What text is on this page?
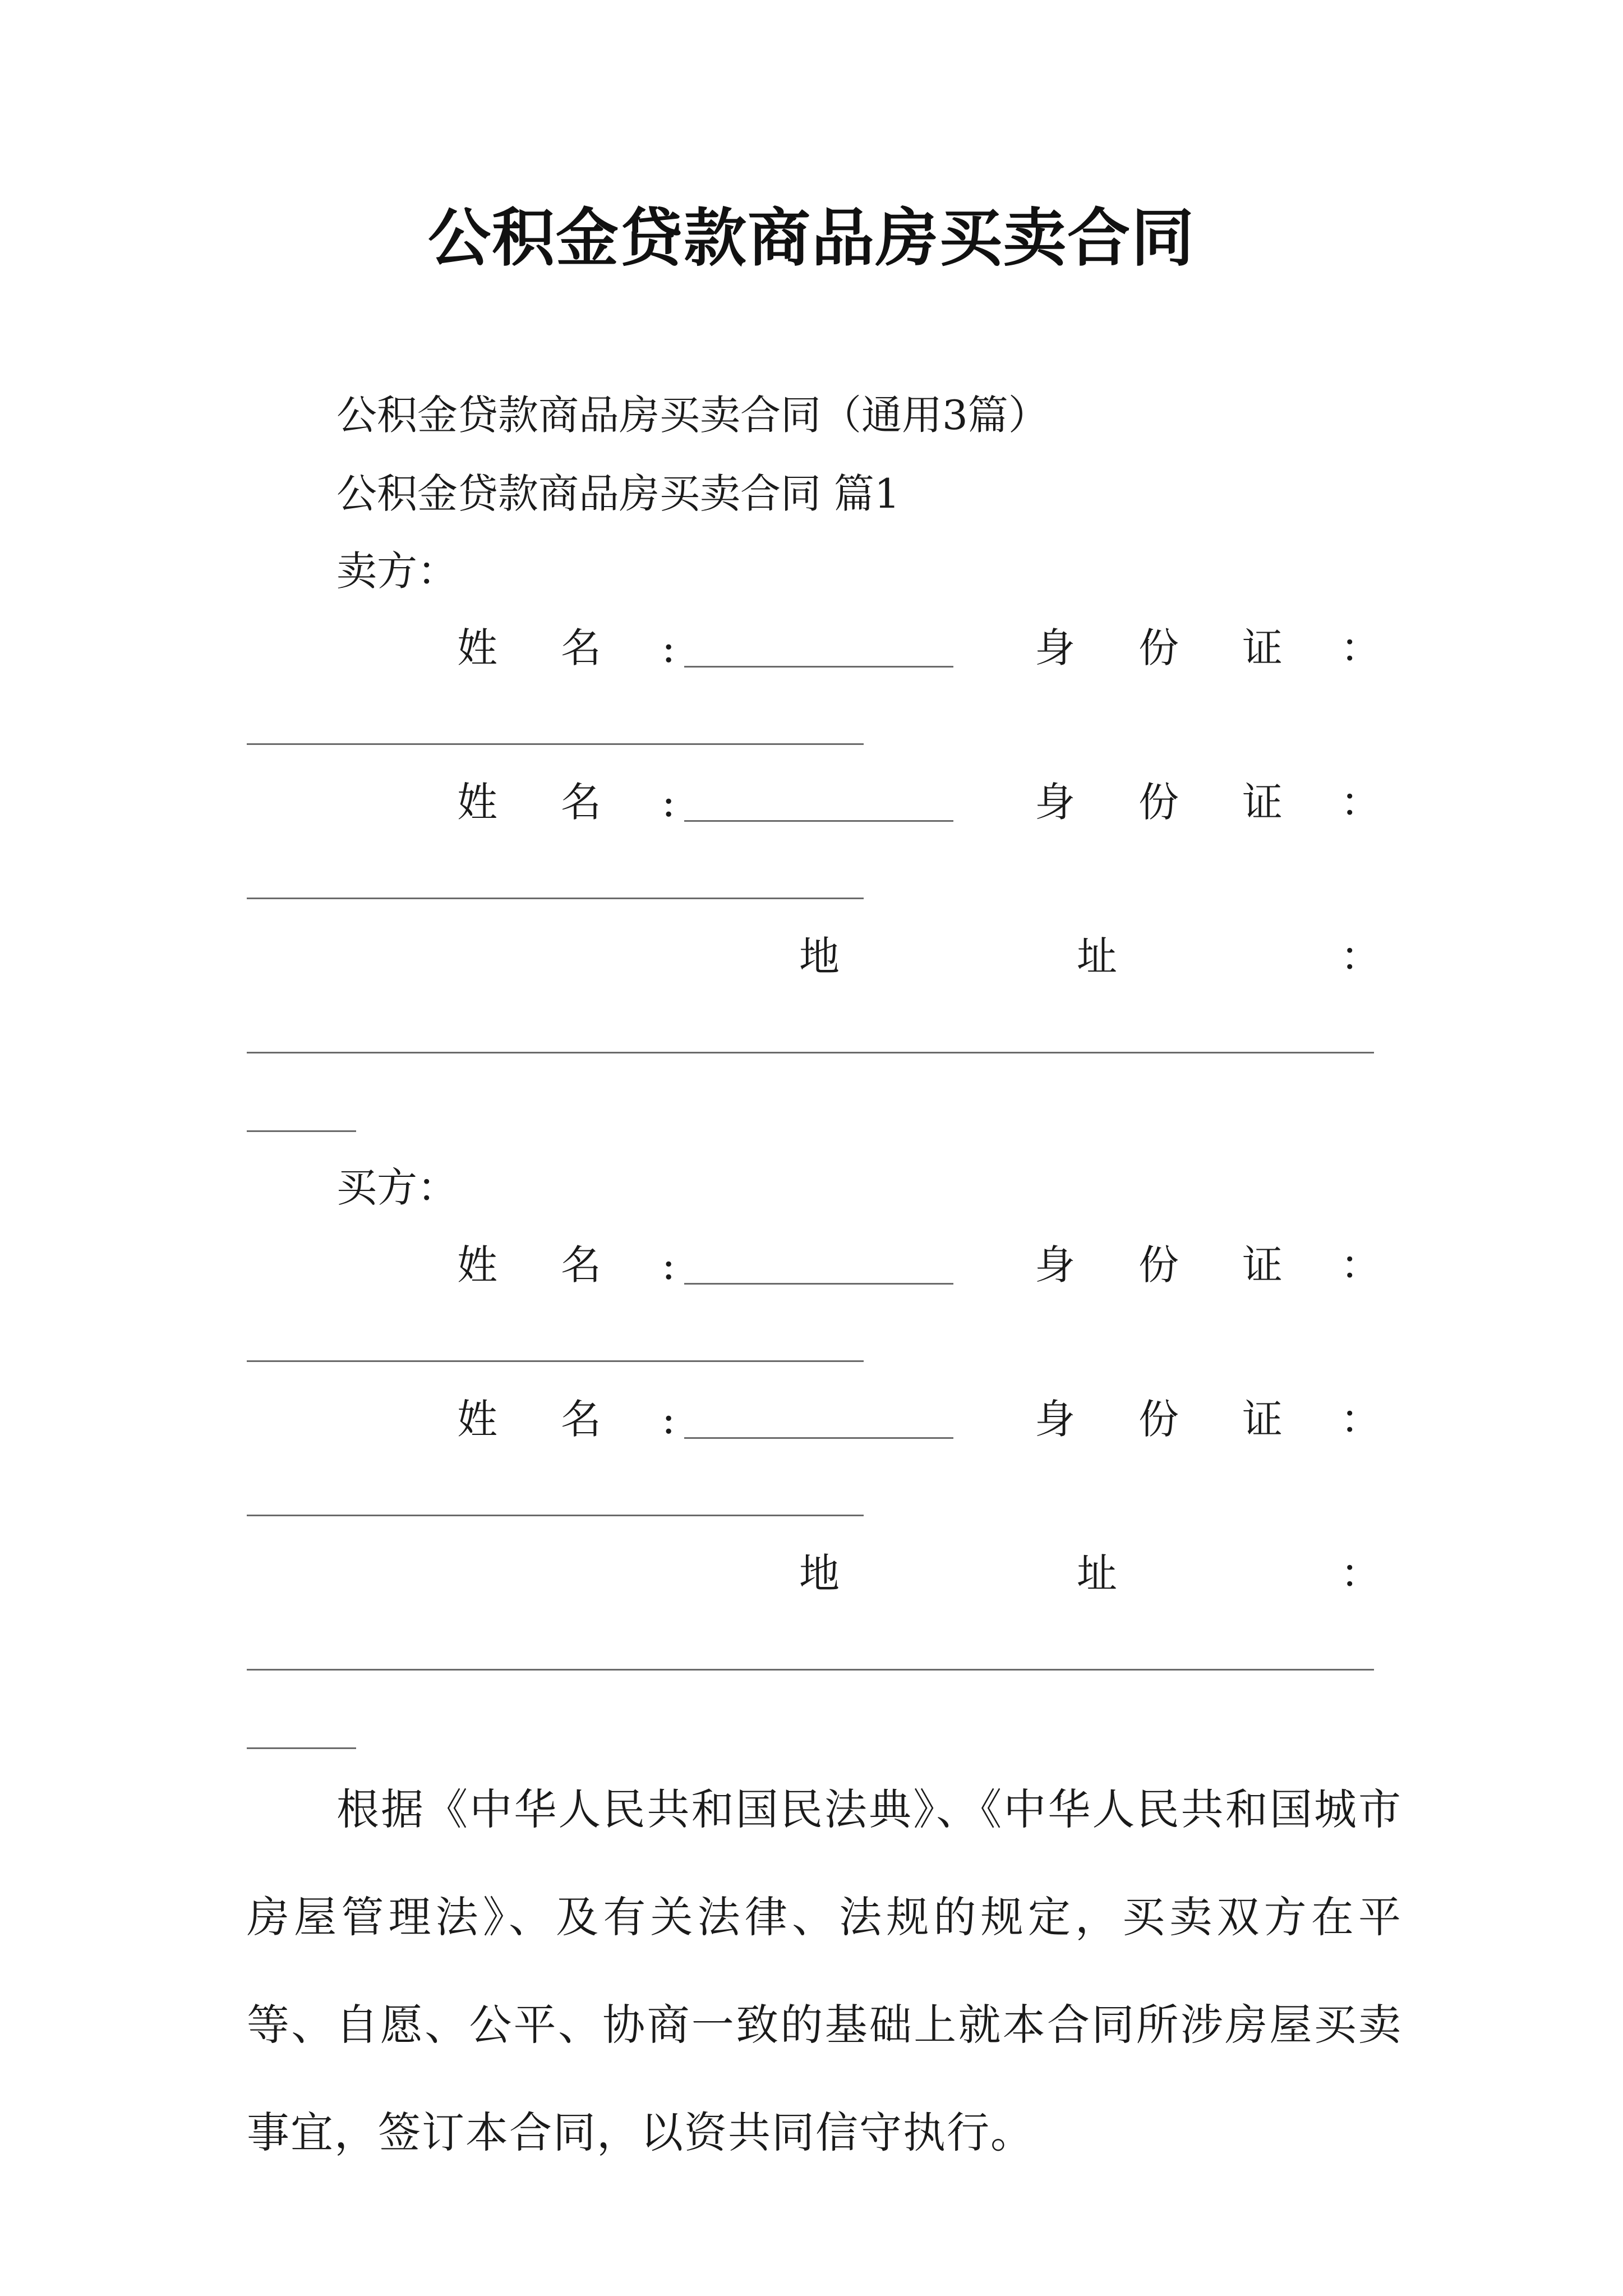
公积金贷款商品房买卖合同
公积金贷款商品房买卖合同（通用3篇）
公积金贷款商品房买卖合同 篇1
卖方：
姓 名 :	身 份 证 ：
姓 名 :	身 份 证 ：
地	址	：
买方：
姓 名 :	身 份 证 ：
姓 名 :	身 份 证 ：
地	址	：
根据《中华人民共和国民法典》、《中华人民共和国城市房屋管理法》、及有关法律、法规的规定，买卖双方在平等、自愿、公平、协商一致的基础上就本合同所涉房屋买卖事宜，签订本合同，以资共同信守执行。
